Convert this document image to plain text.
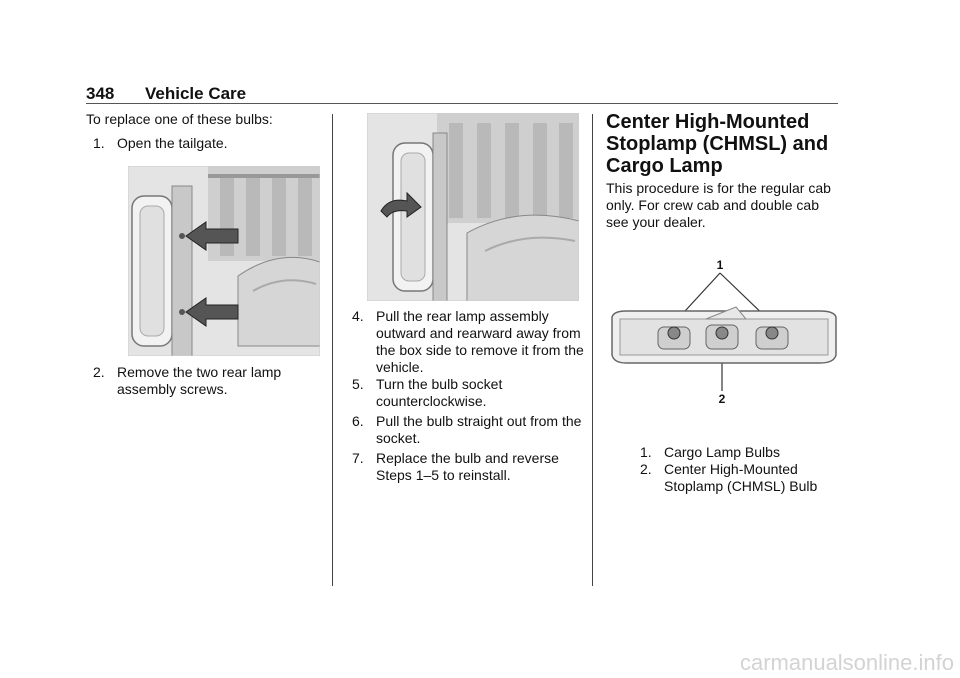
348 Vehicle Care
To replace one of these bulbs:
1. Open the tailgate.
2. Remove the two rear lamp assembly screws.
4. Pull the rear lamp assembly outward and rearward away from the box side to remove it from the vehicle.
5. Turn the bulb socket counterclockwise.
6. Pull the bulb straight out from the socket.
7. Replace the bulb and reverse Steps 1–5 to reinstall.
Center High-Mounted Stoplamp (CHMSL) and Cargo Lamp
This procedure is for the regular cab only. For crew cab and double cab see your dealer.
1
2
1. Cargo Lamp Bulbs
2. Center High-Mounted Stoplamp (CHMSL) Bulb
carmanualsonline.info
